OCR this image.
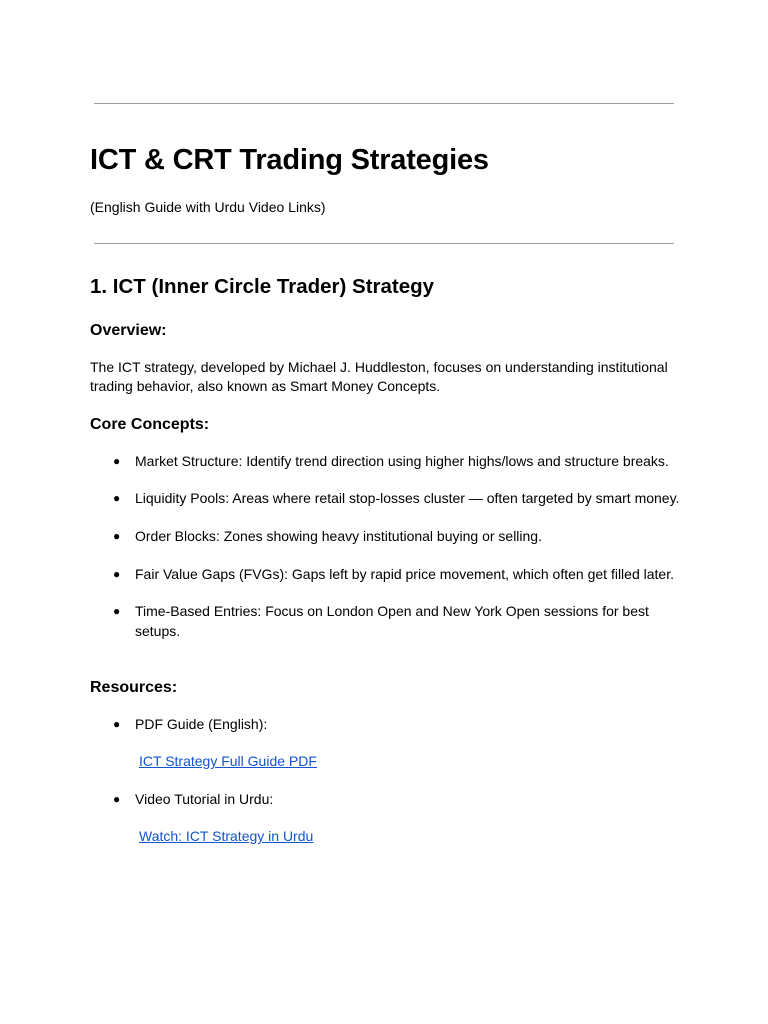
ICT & CRT Trading Strategies

(English Guide with Urdu Video Links)

1. ICT (Inner Circle Trader) Strategy
Overview:

The ICT strategy, developed by Michael J. Huddleston, focuses on understanding institutional trading behavior, also known as Smart Money Concepts.

Core Concepts:
●	Market Structure: Identify trend direction using higher highs/lows and structure breaks.
●	Liquidity Pools: Areas where retail stop-losses cluster — often targeted by smart money.
●	Order Blocks: Zones showing heavy institutional buying or selling.
●	Fair Value Gaps (FVGs): Gaps left by rapid price movement, which often get filled later.
●	Time-Based Entries: Focus on London Open and New York Open sessions for best setups.
Resources:
●	PDF Guide (English):
ICT Strategy Full Guide PDF
●	Video Tutorial in Urdu:
Watch: ICT Strategy in Urdu
